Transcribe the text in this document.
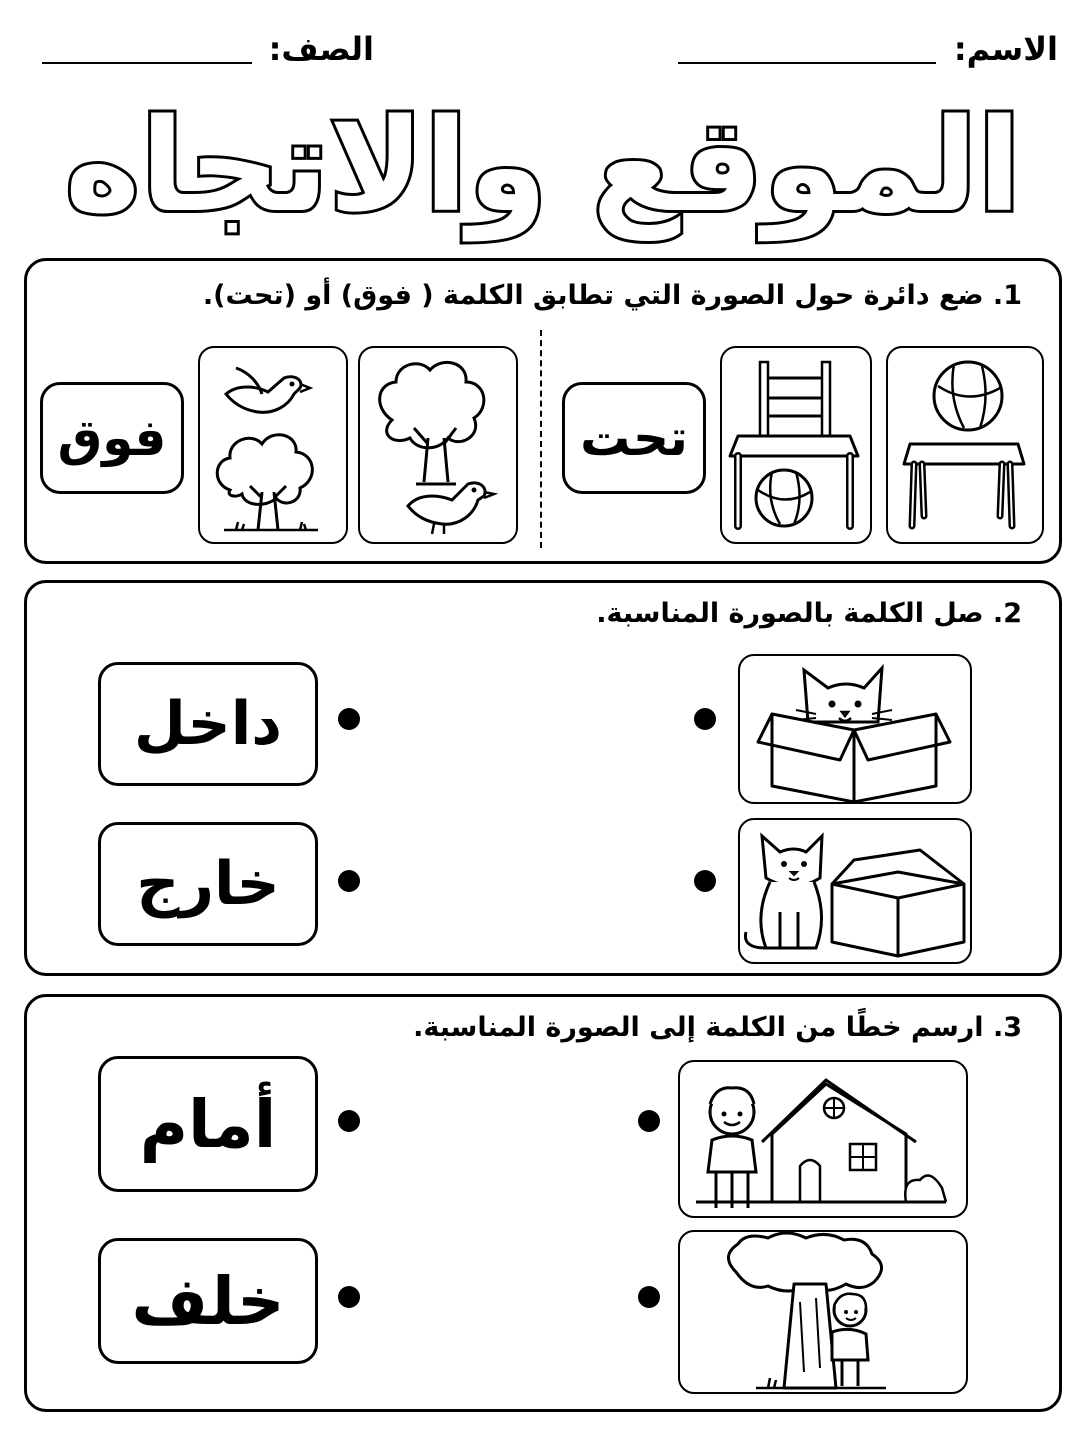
الاسم:
الصف:
الموقع والاتجاه
1. ضع دائرة حول الصورة التي تطابق الكلمة ( فوق) أو (تحت).
تحت
فوق
2. صل الكلمة بالصورة المناسبة.
داخل
خارج
3. ارسم خطًا من الكلمة إلى الصورة المناسبة.
أمام
خلف
